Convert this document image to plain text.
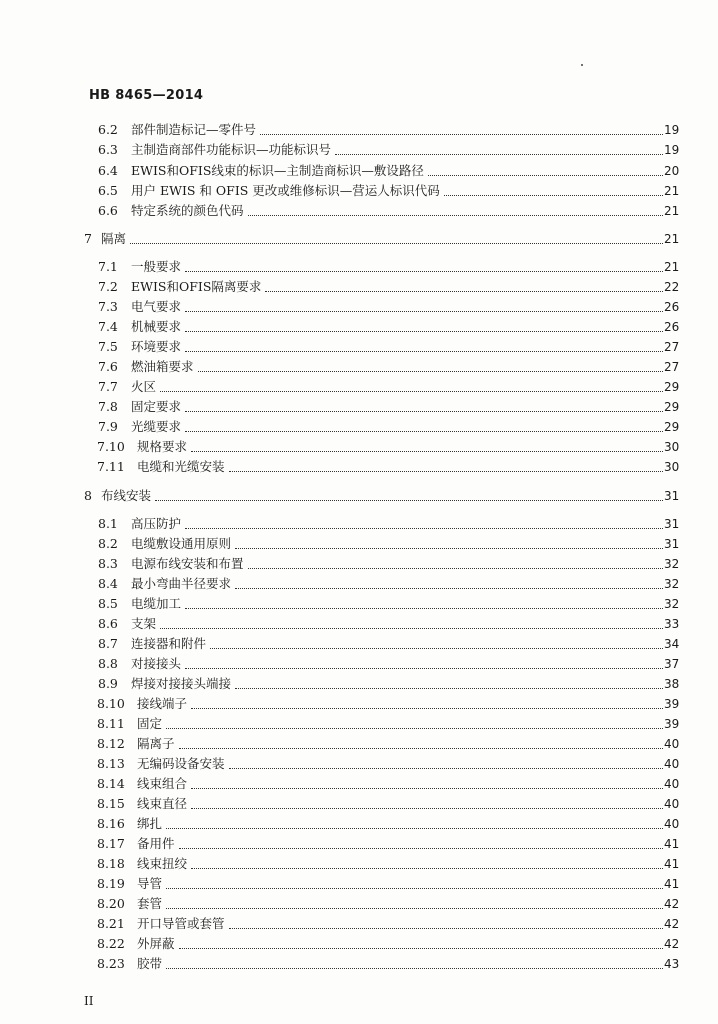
HB 8465—2014
6.2 部件制造标记—零件号	19
6.3 主制造商部件功能标识—功能标识号	19
6.4 EWIS和OFIS线束的标识—主制造商标识—敷设路径	20
6.5 用户 EWIS 和 OFIS 更改或维修标识—营运人标识代码	21
6.6 特定系统的颜色代码	21
7 隔离	21
7.1 一般要求	21
7.2 EWIS和OFIS隔离要求	22
7.3 电气要求	26
7.4 机械要求	26
7.5 环境要求	27
7.6 燃油箱要求	27
7.7 火区	29
7.8 固定要求	29
7.9 光缆要求	29
7.10 规格要求	30
7.11 电缆和光缆安装	30
8 布线安装	31
8.1 高压防护	31
8.2 电缆敷设通用原则	31
8.3 电源布线安装和布置	32
8.4 最小弯曲半径要求	32
8.5 电缆加工	32
8.6 支架	33
8.7 连接器和附件	34
8.8 对接接头	37
8.9 焊接对接接头端接	38
8.10 接线端子	39
8.11 固定	39
8.12 隔离子	40
8.13 无编码设备安装	40
8.14 线束组合	40
8.15 线束直径	40
8.16 绑扎	40
8.17 备用件	41
8.18 线束扭绞	41
8.19 导管	41
8.20 套管	42
8.21 开口导管或套管	42
8.22 外屏蔽	42
8.23 胶带	43
II
